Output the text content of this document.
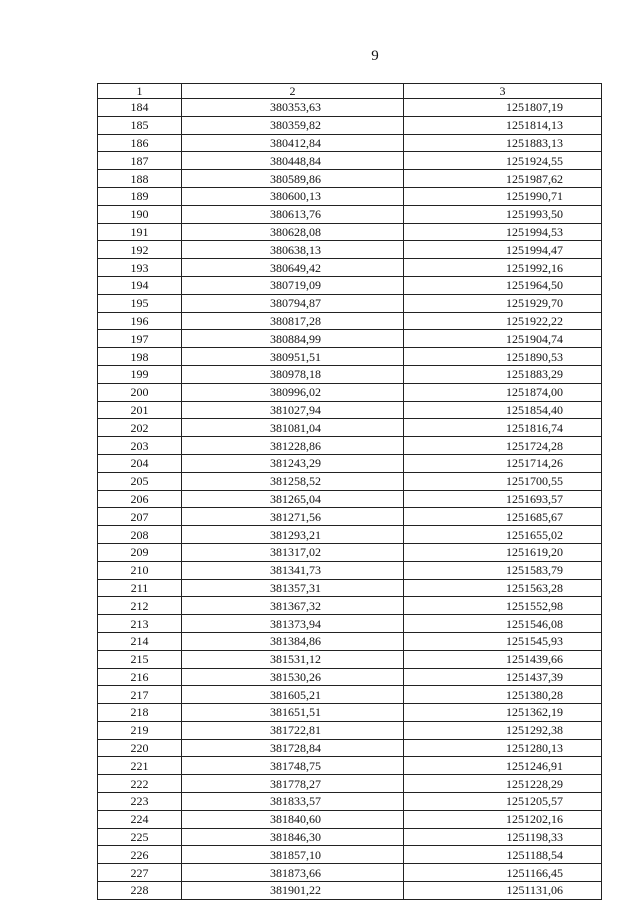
9
1	2	3
184	380353,63	1251807,19
185	380359,82	1251814,13
186	380412,84	1251883,13
187	380448,84	1251924,55
188	380589,86	1251987,62
189	380600,13	1251990,71
190	380613,76	1251993,50
191	380628,08	1251994,53
192	380638,13	1251994,47
193	380649,42	1251992,16
194	380719,09	1251964,50
195	380794,87	1251929,70
196	380817,28	1251922,22
197	380884,99	1251904,74
198	380951,51	1251890,53
199	380978,18	1251883,29
200	380996,02	1251874,00
201	381027,94	1251854,40
202	381081,04	1251816,74
203	381228,86	1251724,28
204	381243,29	1251714,26
205	381258,52	1251700,55
206	381265,04	1251693,57
207	381271,56	1251685,67
208	381293,21	1251655,02
209	381317,02	1251619,20
210	381341,73	1251583,79
211	381357,31	1251563,28
212	381367,32	1251552,98
213	381373,94	1251546,08
214	381384,86	1251545,93
215	381531,12	1251439,66
216	381530,26	1251437,39
217	381605,21	1251380,28
218	381651,51	1251362,19
219	381722,81	1251292,38
220	381728,84	1251280,13
221	381748,75	1251246,91
222	381778,27	1251228,29
223	381833,57	1251205,57
224	381840,60	1251202,16
225	381846,30	1251198,33
226	381857,10	1251188,54
227	381873,66	1251166,45
228	381901,22	1251131,06
